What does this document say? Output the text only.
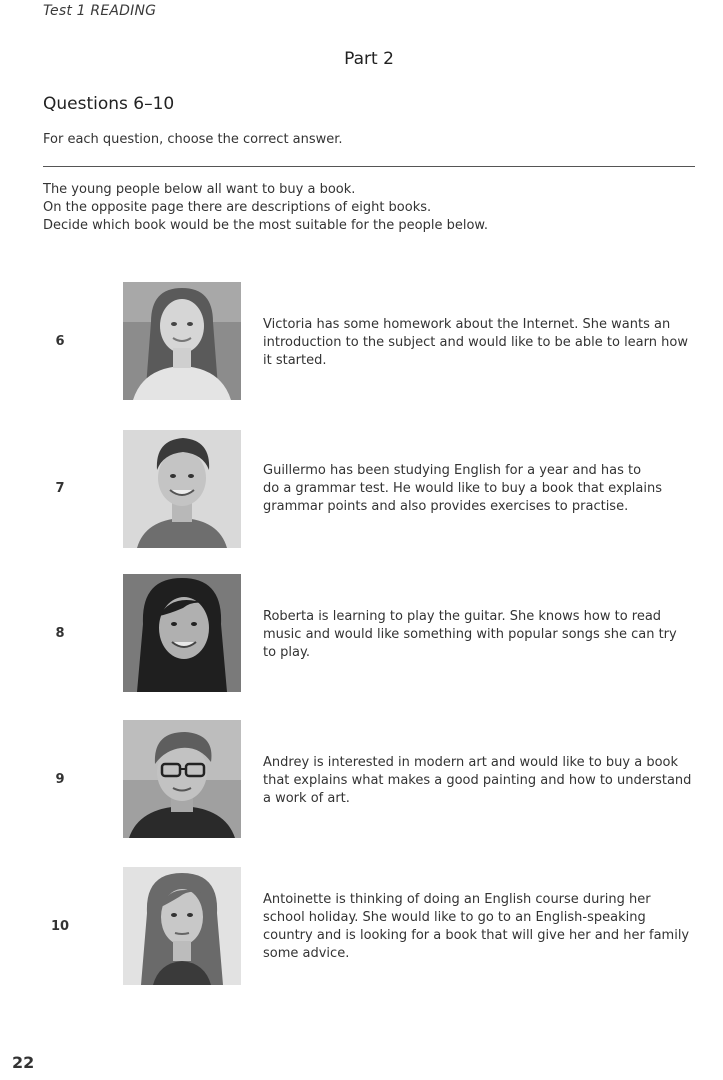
Test 1 READING
Part 2
Questions 6–10
For each question, choose the correct answer.
The young people below all want to buy a book.
On the opposite page there are descriptions of eight books.
Decide which book would be the most suitable for the people below.
6
Victoria has some homework about the Internet. She wants an
introduction to the subject and would like to be able to learn how
it started.
7
Guillermo has been studying English for a year and has to
do a grammar test. He would like to buy a book that explains
grammar points and also provides exercises to practise.
8
Roberta is learning to play the guitar. She knows how to read
music and would like something with popular songs she can try
to play.
9
Andrey is interested in modern art and would like to buy a book
that explains what makes a good painting and how to understand
a work of art.
10
Antoinette is thinking of doing an English course during her
school holiday. She would like to go to an English-speaking
country and is looking for a book that will give her and her family
some advice.
22
